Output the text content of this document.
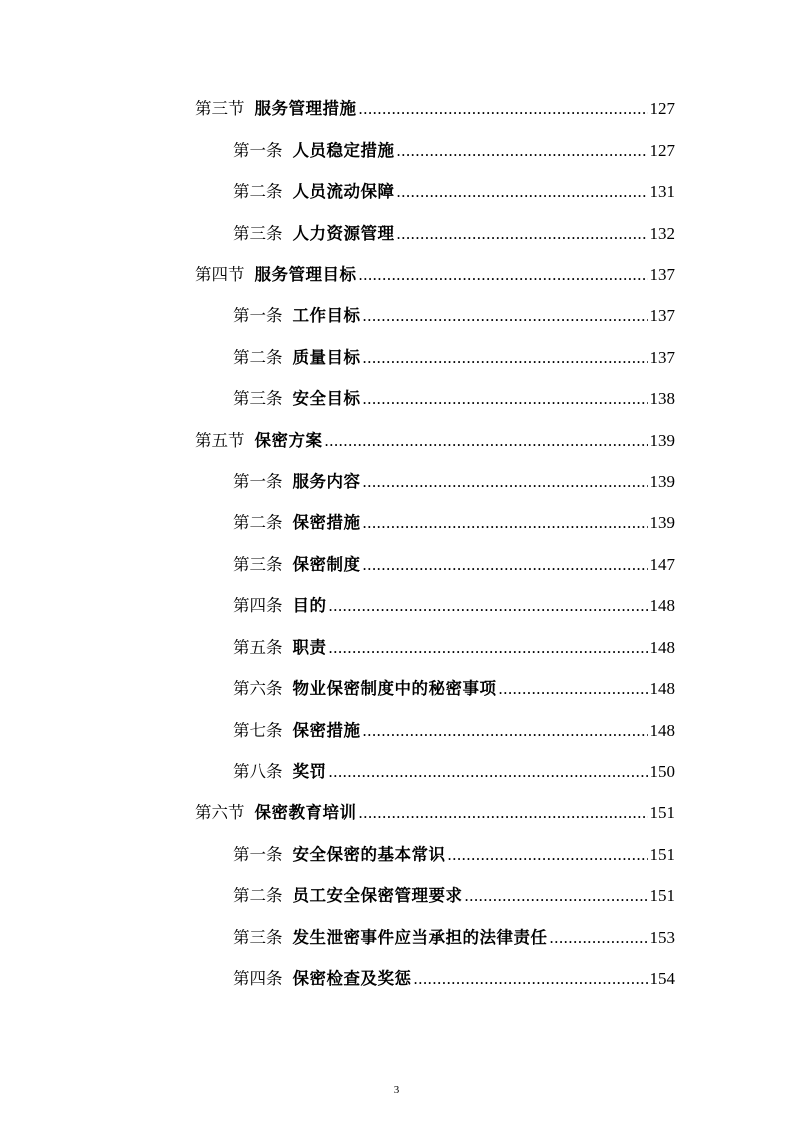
第三节 服务管理措施 .....	127
第一条 人员稳定措施 .....	127
第二条 人员流动保障 .....	131
第三条 人力资源管理 .....	132
第四节 服务管理目标 .....	137
第一条 工作目标 .....	137
第二条 质量目标 .....	137
第三条 安全目标 .....	138
第五节 保密方案 .....	139
第一条 服务内容 .....	139
第二条 保密措施 .....	139
第三条 保密制度 .....	147
第四条 目的 .....	148
第五条 职责 .....	148
第六条 物业保密制度中的秘密事项 .....	148
第七条 保密措施 .....	148
第八条 奖罚 .....	150
第六节 保密教育培训 .....	151
第一条 安全保密的基本常识 .....	151
第二条 员工安全保密管理要求 .....	151
第三条 发生泄密事件应当承担的法律责任 .....	153
第四条 保密检查及奖惩 .....	154
3
